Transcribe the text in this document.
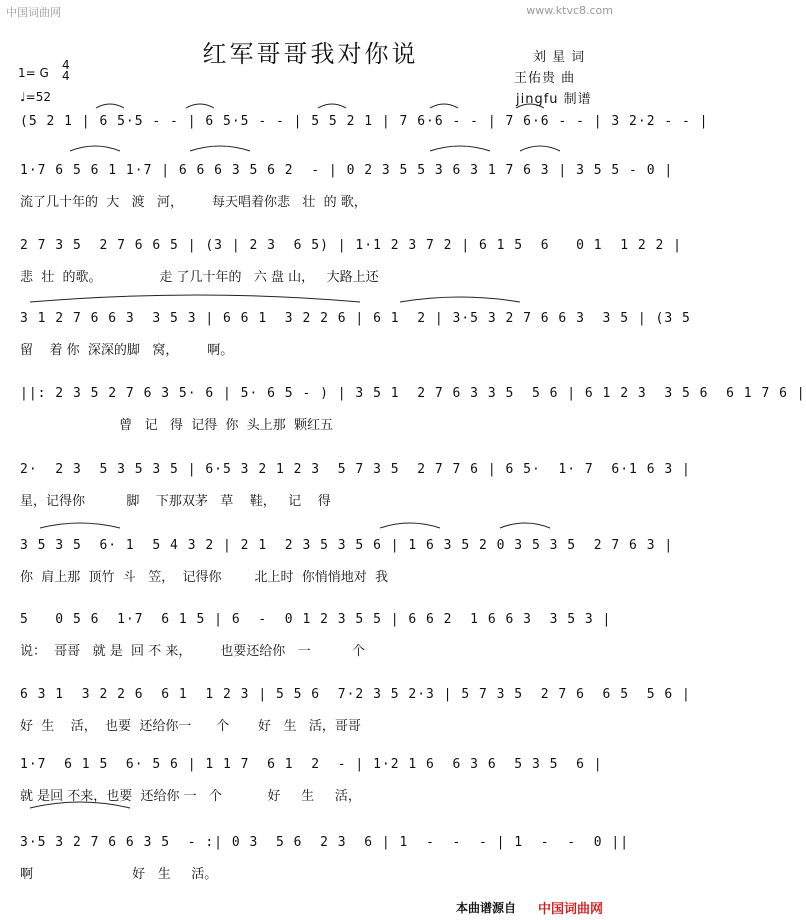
中国词曲网	www.ktvc8.com
红军哥哥我对你说	刘 星 词
王佑贵 曲
jingfu 制谱
1= G
4
4
♩=52
(5 2 1 | 6 5·5 - - | 6 5·5 - - | 5 5 2 1 | 7 6·6 - - | 7 6·6 - - | 3 2·2 - - |
1·7 6 5 6 1 1·7 | 6 6 6 3 5 6 2  - | 0 2 3 5 5 3 6 3 1 7 6 3 | 3 5 5 - 0 |
流了几十年的  大   渡   河，       每天唱着你悲   壮  的 歌，
2 7 3 5  2 7 6 6 5 | (3 | 2 3  6 5) | 1·1 2 3 7 2 | 6 1 5  6   0 1  1 2 2 |
悲  壮  的歌。              走 了几十年的   六 盘 山，   大路上还
3 1 2 7 6 6 3  3 5 3 | 6 6 1  3 2 2 6 | 6 1  2 | 3·5 3 2 7 6 6 3  3 5 | (3 5
留    着 你  深深的脚   窝，       啊。
||: 2 3 5 2 7 6 3 5· 6 | 5· 6 5 - ) | 3 5 1  2 7 6 3 3 5  5 6 | 6 1 2 3  3 5 6  6 1 7 6 |
曾   记   得  记得  你  头上那  颗红五
2·  2 3  5 3 5 3 5 | 6·5 3 2 1 2 3  5 7 3 5  2 7 7 6 | 6 5·  1· 7  6·1 6 3 |
星，记得你          脚    下那双茅   草    鞋，   记    得
3 5 3 5  6· 1  5 4 3 2 | 2 1  2 3 5 3 5 6 | 1 6 3 5 2 0 3 5 3 5  2 7 6 3 |
你  肩上那  顶竹  斗   笠，  记得你        北上时  你悄悄地对  我
5   0 5 6  1·7  6 1 5 | 6  -  0 1 2 3 5 5 | 6 6 2  1 6 6 3  3 5 3 |
说：  哥哥   就 是  回 不 来，       也要还给你   一          个
6 3 1  3 2 2 6  6 1  1 2 3 | 5 5 6  7·2 3 5 2·3 | 5 7 3 5  2 7 6  6 5  5 6 |
好  生    活，  也要  还给你一      个       好   生   活，哥哥
1·7  6 1 5  6· 5 6 | 1 1 7  6 1  2  - | 1·2 1 6  6 3 6  5 3 5  6 |
就 是回 不来，也要  还给你 一   个           好     生     活，
3·5 3 2 7 6 6 3 5  - :| 0 3  5 6  2 3  6 | 1  -  -  - | 1  -  -  0 ||
啊                        好   生     活。
本曲谱源自 中国词曲网
